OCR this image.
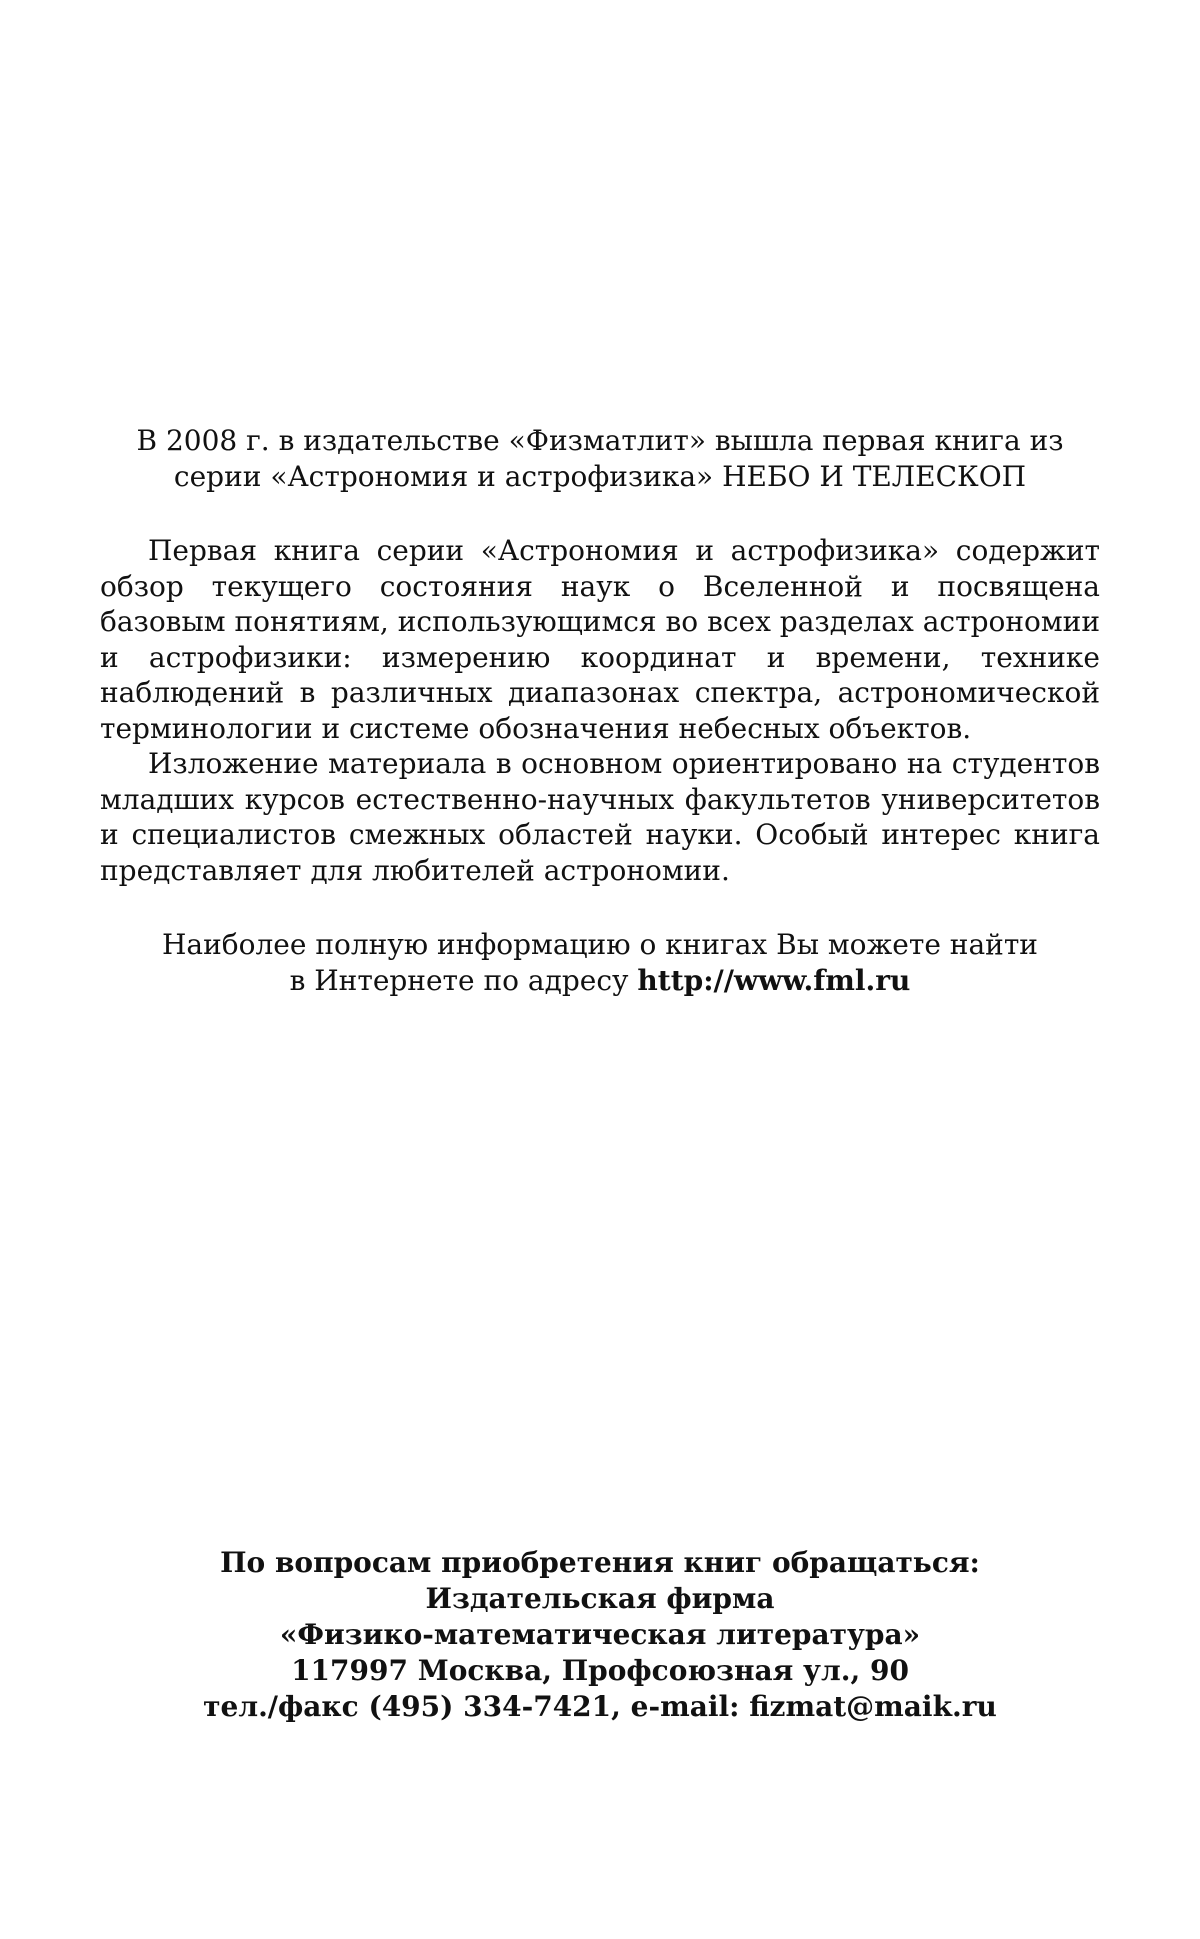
В 2008 г. в издательстве «Физматлит» вышла первая книга из
серии «Астрономия и астрофизика» НЕБО И ТЕЛЕСКОП

Первая книга серии «Астрономия и астрофизика» содержит обзор текущего состояния наук о Вселенной и посвящена базовым понятиям, использующимся во всех разделах астрономии и астрофизики: измерению координат и времени, технике наблюдений в различных диапазонах спектра, астрономической терминологии и системе обозначения небесных объектов.

Изложение материала в основном ориентировано на студентов младших курсов естественно-научных факультетов университетов и специалистов смежных областей науки. Особый интерес книга представляет для любителей астрономии.

Наиболее полную информацию о книгах Вы можете найти
в Интернете по адресу http://www.fml.ru
По вопросам приобретения книг обращаться:
Издательская фирма
«Физико-математическая литература»
117997 Москва, Профсоюзная ул., 90
тел./факс (495) 334-7421, e-mail: fizmat@maik.ru
